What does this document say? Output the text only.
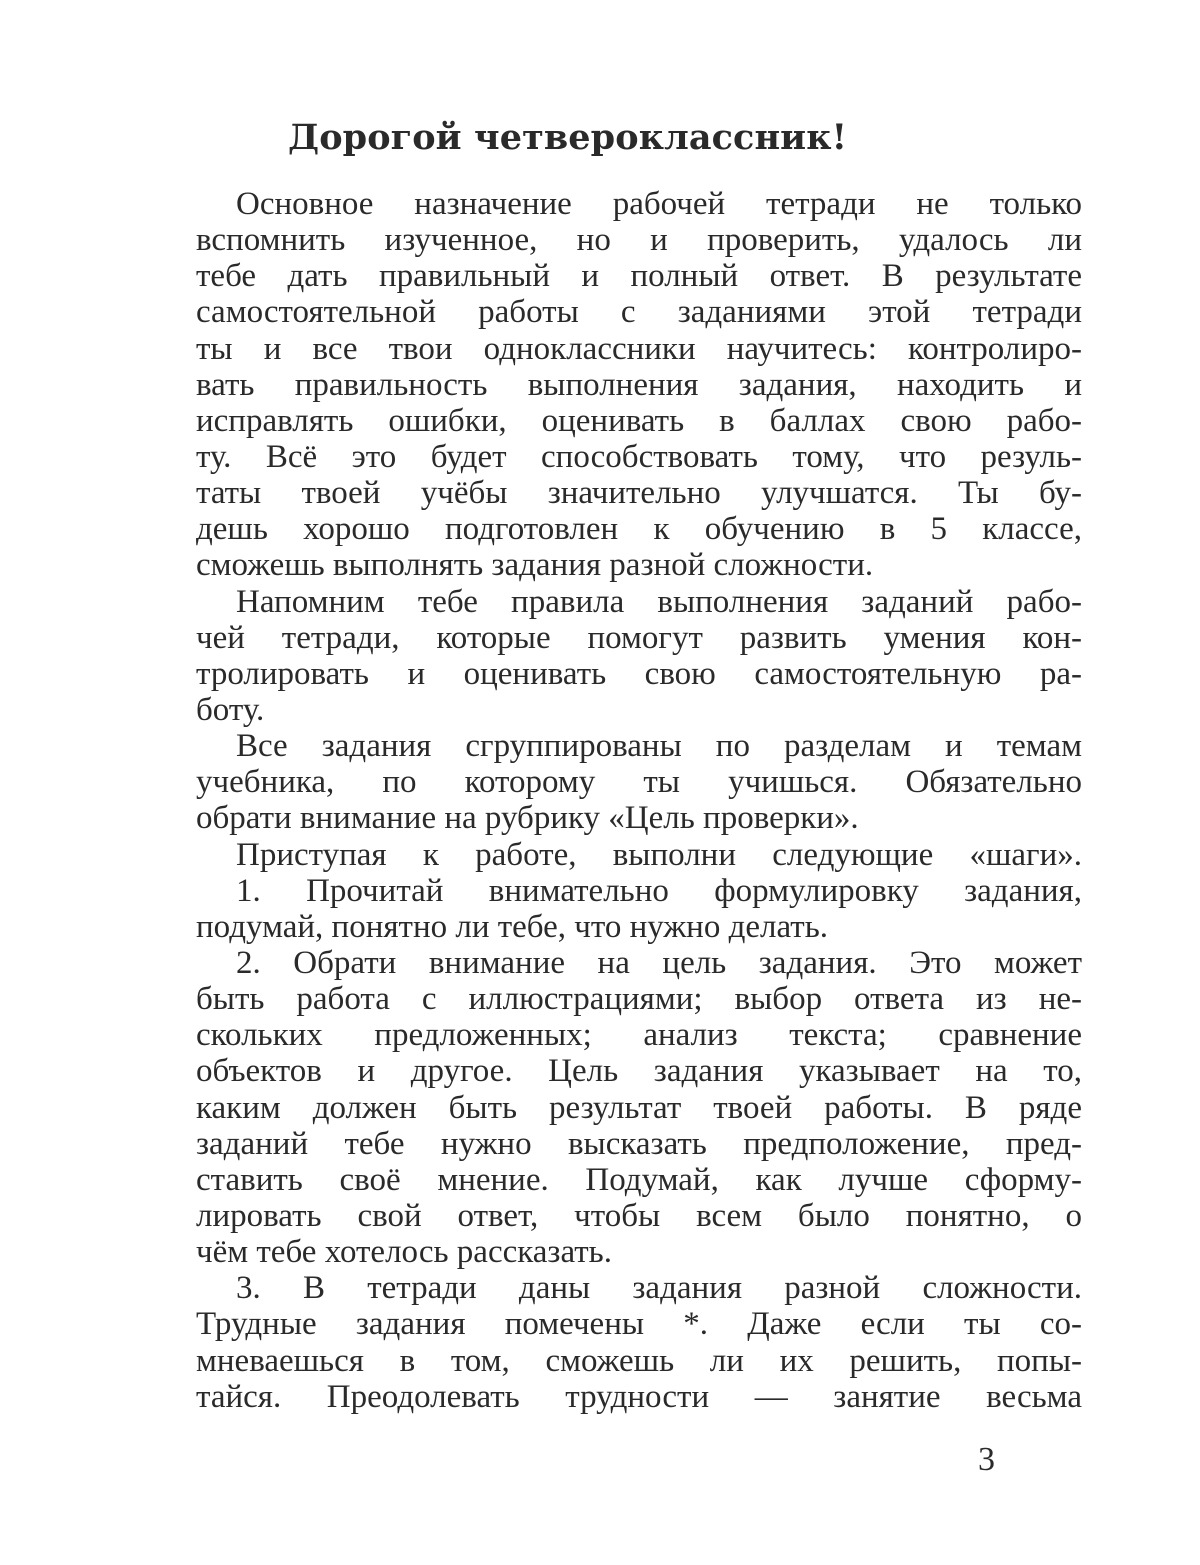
Дорогой четвероклассник!
Основное назначение рабочей тетради не только
вспомнить изученное, но и проверить, удалось ли
тебе дать правильный и полный ответ. В результате
самостоятельной работы с заданиями этой тетради
ты и все твои одноклассники научитесь: контролиро-
вать правильность выполнения задания, находить и
исправлять ошибки, оценивать в баллах свою рабо-
ту. Всё это будет способствовать тому, что резуль-
таты твоей учёбы значительно улучшатся. Ты бу-
дешь хорошо подготовлен к обучению в 5 классе,
сможешь выполнять задания разной сложности.
Напомним тебе правила выполнения заданий рабо-
чей тетради, которые помогут развить умения кон-
тролировать и оценивать свою самостоятельную ра-
боту.
Все задания сгруппированы по разделам и темам
учебника, по которому ты учишься. Обязательно
обрати внимание на рубрику «Цель проверки».
Приступая к работе, выполни следующие «шаги».
1. Прочитай внимательно формулировку задания,
подумай, понятно ли тебе, что нужно делать.
2. Обрати внимание на цель задания. Это может
быть работа с иллюстрациями; выбор ответа из не-
скольких предложенных; анализ текста; сравнение
объектов и другое. Цель задания указывает на то,
каким должен быть результат твоей работы. В ряде
заданий тебе нужно высказать предположение, пред-
ставить своё мнение. Подумай, как лучше сформу-
лировать свой ответ, чтобы всем было понятно, о
чём тебе хотелось рассказать.
3. В тетради даны задания разной сложности.
Трудные задания помечены *. Даже если ты со-
мневаешься в том, сможешь ли их решить, попы-
тайся. Преодолевать трудности — занятие весьма
3
